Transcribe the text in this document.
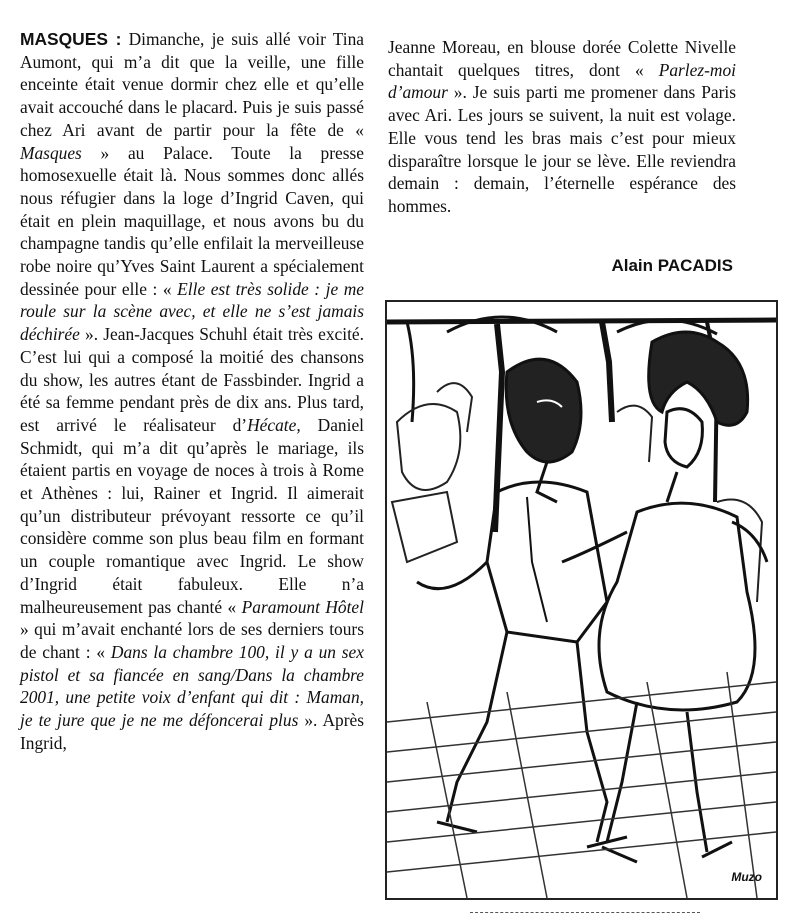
MASQUES : Dimanche, je suis allé voir Tina Aumont, qui m’a dit que la veille, une fille enceinte était venue dormir chez elle et qu’elle avait accouché dans le placard. Puis je suis passé chez Ari avant de partir pour la fête de « Masques » au Palace. Toute la presse homosexuelle était là. Nous sommes donc allés nous réfugier dans la loge d’Ingrid Caven, qui était en plein maquillage, et nous avons bu du champagne tandis qu’elle enfilait la merveilleuse robe noire qu’Yves Saint Laurent a spécialement dessinée pour elle : « Elle est très solide : je me roule sur la scène avec, et elle ne s’est jamais déchirée ». Jean-Jacques Schuhl était très excité. C’est lui qui a composé la moitié des chansons du show, les autres étant de Fassbinder. Ingrid a été sa femme pendant près de dix ans. Plus tard, est arrivé le réalisateur d’Hécate, Daniel Schmidt, qui m’a dit qu’après le mariage, ils étaient partis en voyage de noces à trois à Rome et Athènes : lui, Rainer et Ingrid. Il aimerait qu’un distributeur prévoyant ressorte ce qu’il considère comme son plus beau film en formant un couple romantique avec Ingrid. Le show d’Ingrid était fabuleux. Elle n’a malheureusement pas chanté « Paramount Hôtel » qui m’avait enchanté lors de ses derniers tours de chant : « Dans la chambre 100, il y a un sex pistol et sa fiancée en sang/Dans la chambre 2001, une petite voix d’enfant qui dit : Maman, je te jure que je ne me défoncerai plus ». Après Ingrid,

Jeanne Moreau, en blouse dorée Colette Nivelle chantait quelques titres, dont « Parlez-moi d’amour ». Je suis parti me promener dans Paris avec Ari. Les jours se suivent, la nuit est volage. Elle vous tend les bras mais c’est pour mieux disparaître lorsque le jour se lève. Elle reviendra demain : demain, l’éternelle espérance des hommes.

Alain PACADIS
Muzo
